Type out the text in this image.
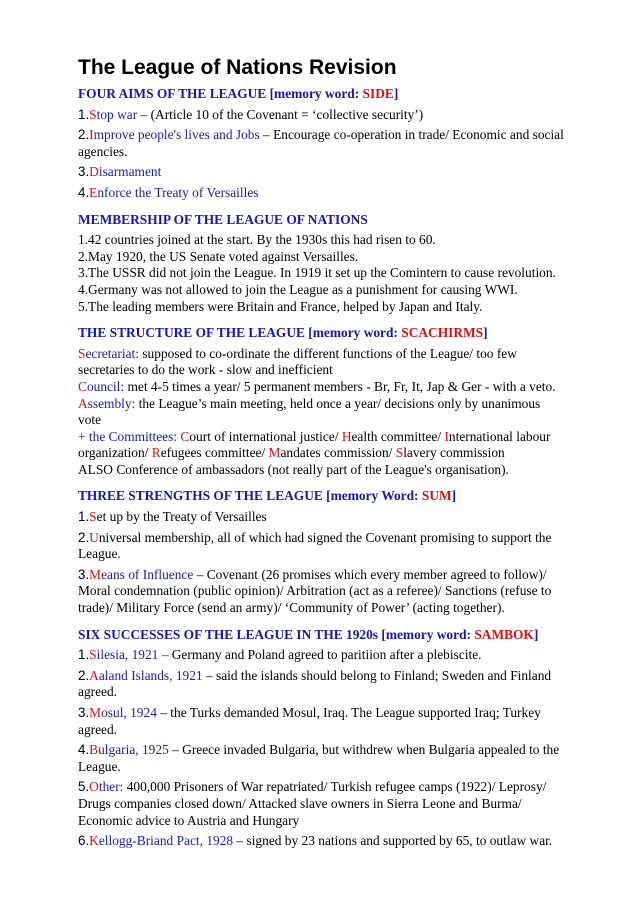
The League of Nations Revision
FOUR AIMS OF THE LEAGUE [memory word: SIDE]
1.Stop war – (Article 10 of the Covenant = ‘collective security’)
2.Improve people's lives and Jobs – Encourage co-operation in trade/ Economic and social agencies.
3.Disarmament
4.Enforce the Treaty of Versailles
MEMBERSHIP OF THE LEAGUE OF NATIONS
1.42 countries joined at the start. By the 1930s this had risen to 60.
2.May 1920, the US Senate voted against Versailles.
3.The USSR did not join the League. In 1919 it set up the Comintern to cause revolution.
4.Germany was not allowed to join the League as a punishment for causing WWI.
5.The leading members were Britain and France, helped by Japan and Italy.
THE STRUCTURE OF THE LEAGUE [memory word: SCACHIRMS]
Secretariat: supposed to co-ordinate the different functions of the League/ too few secretaries to do the work - slow and inefficient
Council: met 4-5 times a year/ 5 permanent members - Br, Fr, It, Jap & Ger - with a veto.
Assembly: the League’s main meeting, held once a year/ decisions only by unanimous vote
+ the Committees: Court of international justice/ Health committee/ International labour organization/ Refugees committee/ Mandates commission/ Slavery commission
ALSO Conference of ambassadors (not really part of the League's organisation).
THREE STRENGTHS OF THE LEAGUE [memory Word: SUM]
1.Set up by the Treaty of Versailles
2.Universal membership, all of which had signed the Covenant promising to support the League.
3.Means of Influence – Covenant (26 promises which every member agreed to follow)/ Moral condemnation (public opinion)/ Arbitration (act as a referee)/ Sanctions (refuse to trade)/ Military Force (send an army)/ ‘Community of Power’ (acting together).
SIX SUCCESSES OF THE LEAGUE IN THE 1920s [memory word: SAMBOK]
1.Silesia, 1921 – Germany and Poland agreed to paritiion after a plebiscite.
2.Aaland Islands, 1921 – said the islands should belong to Finland; Sweden and Finland agreed.
3.Mosul, 1924 – the Turks demanded Mosul, Iraq. The League supported Iraq; Turkey agreed.
4.Bulgaria, 1925 – Greece invaded Bulgaria, but withdrew when Bulgaria appealed to the League.
5.Other: 400,000 Prisoners of War repatriated/ Turkish refugee camps (1922)/ Leprosy/ Drugs companies closed down/ Attacked slave owners in Sierra Leone and Burma/ Economic advice to Austria and Hungary
6.Kellogg-Briand Pact, 1928 – signed by 23 nations and supported by 65, to outlaw war.
